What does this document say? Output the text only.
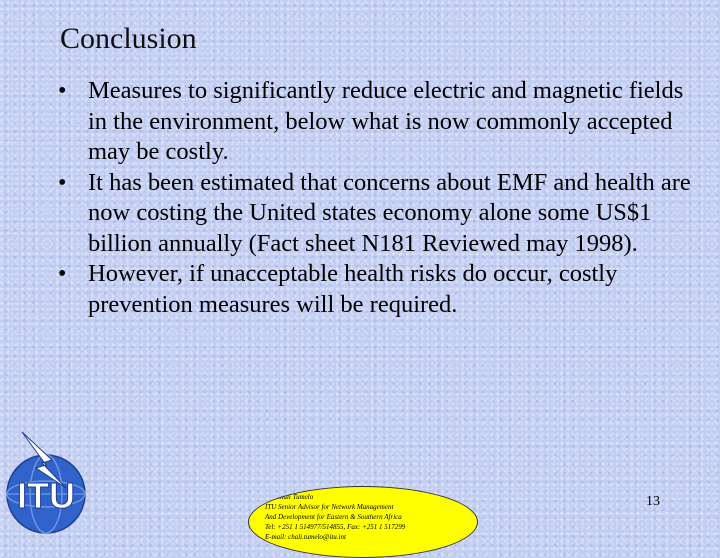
Conclusion
• Measures to significantly reduce electric and magnetic fields in the environment, below what is now commonly accepted may be costly.
• It has been estimated that concerns about EMF and health are now costing the United states economy alone some US$1 billion annually (Fact sheet N181 Reviewed may 1998).
• However, if unacceptable health risks do occur, costly prevention measures will be required.
ITU	Mr Chali Tumelo
ITU Senior Advisor for Network Management
And Development for Eastern & Southern Africa
Tel: +251 1 514977/514855, Fax: +251 1 517299
E-mail: chali.tumelo@itu.int
13
